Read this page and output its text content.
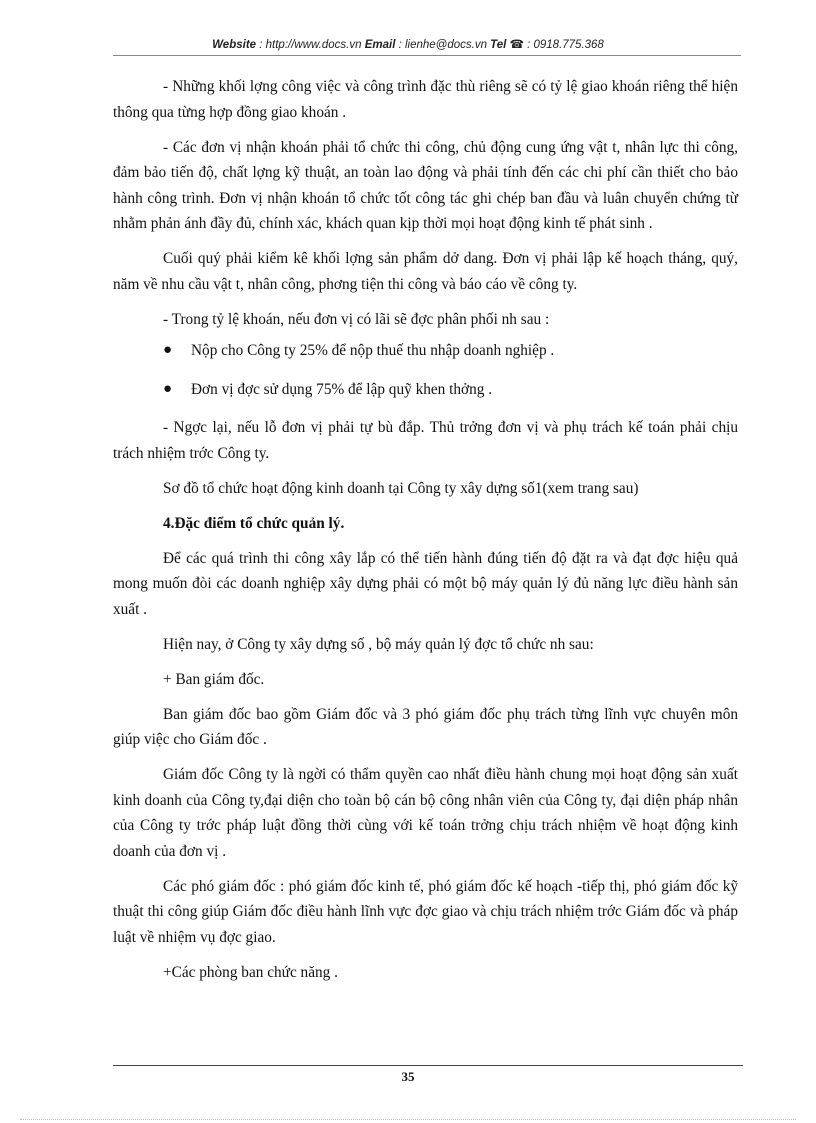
Website : http://www.docs.vn Email : lienhe@docs.vn Tel ☎ : 0918.775.368

- Những khối lợng công việc và công trình đặc thù riêng sẽ có tỷ lệ giao khoán riêng thể hiện thông qua từng hợp đồng giao khoán .

- Các đơn vị nhận khoán phải tổ chức thi công, chủ động cung ứng vật t, nhân lực thi công, đảm bảo tiến độ, chất lợng kỹ thuật, an toàn lao động và phải tính đến các chi phí cần thiết cho bảo hành công trình. Đơn vị nhận khoán tổ chức tốt công tác ghi chép ban đầu và luân chuyển chứng từ nhằm phản ánh đầy đủ, chính xác, khách quan kịp thời mọi hoạt động kinh tế phát sinh .

Cuối quý phải kiểm kê khối lợng sản phẩm dở dang. Đơn vị phải lập kế hoạch tháng, quý, năm về nhu cầu vật t, nhân công, phơng tiện thi công và báo cáo về công ty.

- Trong tỷ lệ khoán, nếu đơn vị có lãi sẽ đợc phân phối nh sau :

●	Nộp cho Công ty 25% để nộp thuế thu nhập doanh nghiệp .
●	Đơn vị đợc sử dụng 75% để lập quỹ khen thởng .

- Ngợc lại, nếu lỗ đơn vị phải tự bù đắp. Thủ trởng đơn vị và phụ trách kế toán phải chịu trách nhiệm trớc Công ty.

Sơ đồ tổ chức hoạt động kinh doanh tại Công ty xây dựng số1(xem trang sau)

4.Đặc điểm tổ chức quản lý.

Để các quá trình thi công xây lắp có thể tiến hành đúng tiến độ đặt ra và đạt đợc hiệu quả mong muốn đòi các doanh nghiệp xây dựng phải có một bộ máy quản lý đủ năng lực điều hành sản xuất .

Hiện nay, ở Công ty xây dựng số , bộ máy quản lý đợc tổ chức nh sau:

+ Ban giám đốc.

Ban giám đốc bao gồm Giám đốc và 3 phó giám đốc phụ trách từng lĩnh vực chuyên môn giúp việc cho Giám đốc .

Giám đốc Công ty là ngời có thẩm quyền cao nhất điều hành chung mọi hoạt động sản xuất kinh doanh của Công ty,đại diện cho toàn bộ cán bộ công nhân viên của Công ty, đại diện pháp nhân của Công ty trớc pháp luật đồng thời cùng với kế toán trởng chịu trách nhiệm về hoạt động kinh doanh của đơn vị .

Các phó giám đốc : phó giám đốc kinh tế, phó giám đốc kế hoạch -tiếp thị, phó giám đốc kỹ thuật thi công giúp Giám đốc điều hành lĩnh vực đợc giao và chịu trách nhiệm trớc Giám đốc và pháp luật về nhiệm vụ đợc giao.

+Các phòng ban chức năng .

35
